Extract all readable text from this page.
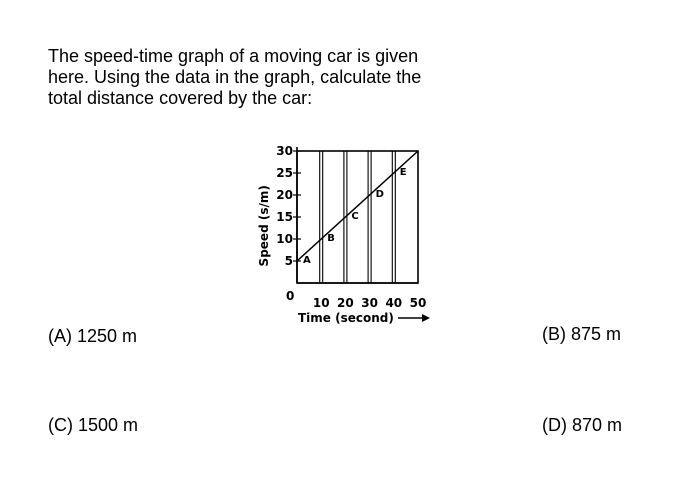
The speed-time graph of a moving car is given
here. Using the data in the graph, calculate the
total distance covered by the car:
5
10
15
20
25
30
10 20 30 40 50
A
B
C
D
E
Time (second)
Speed (s/m)
0
(A) 1250 m	(B) 875 m
(C) 1500 m	(D) 870 m
